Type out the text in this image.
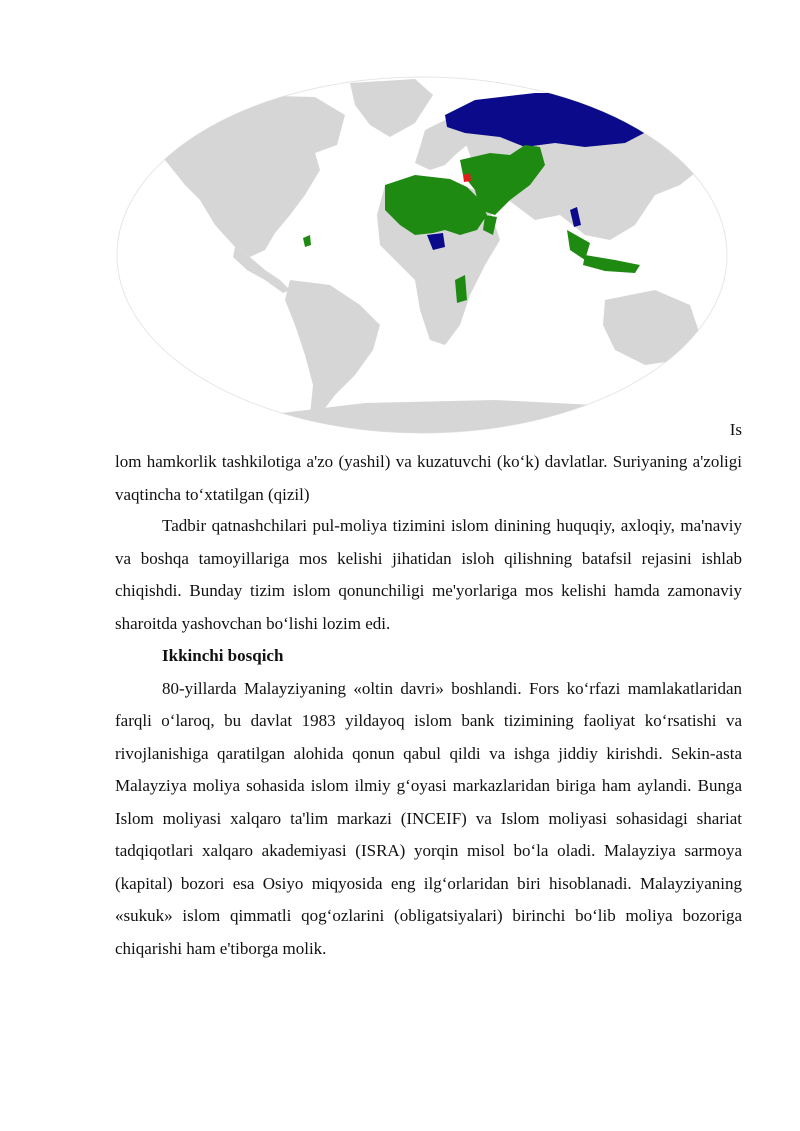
Is
lom hamkorlik tashkilotiga a'zo (yashil) va kuzatuvchi (ko‘k) davlatlar. Suriyaning a'zoligi vaqtincha to‘xtatilgan (qizil)

Tadbir qatnashchilari pul-moliya tizimini islom dinining huquqiy, axloqiy, ma'naviy va boshqa tamoyillariga mos kelishi jihatidan isloh qilishning batafsil rejasini ishlab chiqishdi. Bunday tizim islom qonunchiligi me'yorlariga mos kelishi hamda zamonaviy sharoitda yashovchan bo‘lishi lozim edi.

Ikkinchi bosqich

80-yillarda Malayziyaning «oltin davri» boshlandi. Fors ko‘rfazi mamlakatlaridan farqli o‘laroq, bu davlat 1983 yildayoq islom bank tizimining faoliyat ko‘rsatishi va rivojlanishiga qaratilgan alohida qonun qabul qildi va ishga jiddiy kirishdi. Sekin-asta Malayziya moliya sohasida islom ilmiy g‘oyasi markazlaridan biriga ham aylandi. Bunga Islom moliyasi xalqaro ta'lim markazi (INCEIF) va Islom moliyasi sohasidagi shariat tadqiqotlari xalqaro akademiyasi (ISRA) yorqin misol bo‘la oladi. Malayziya sarmoya (kapital) bozori esa Osiyo miqyosida eng ilg‘orlaridan biri hisoblanadi. Malayziyaning «sukuk» islom qimmatli qog‘ozlarini (obligatsiyalari) birinchi bo‘lib moliya bozoriga chiqarishi ham e'tiborga molik.
